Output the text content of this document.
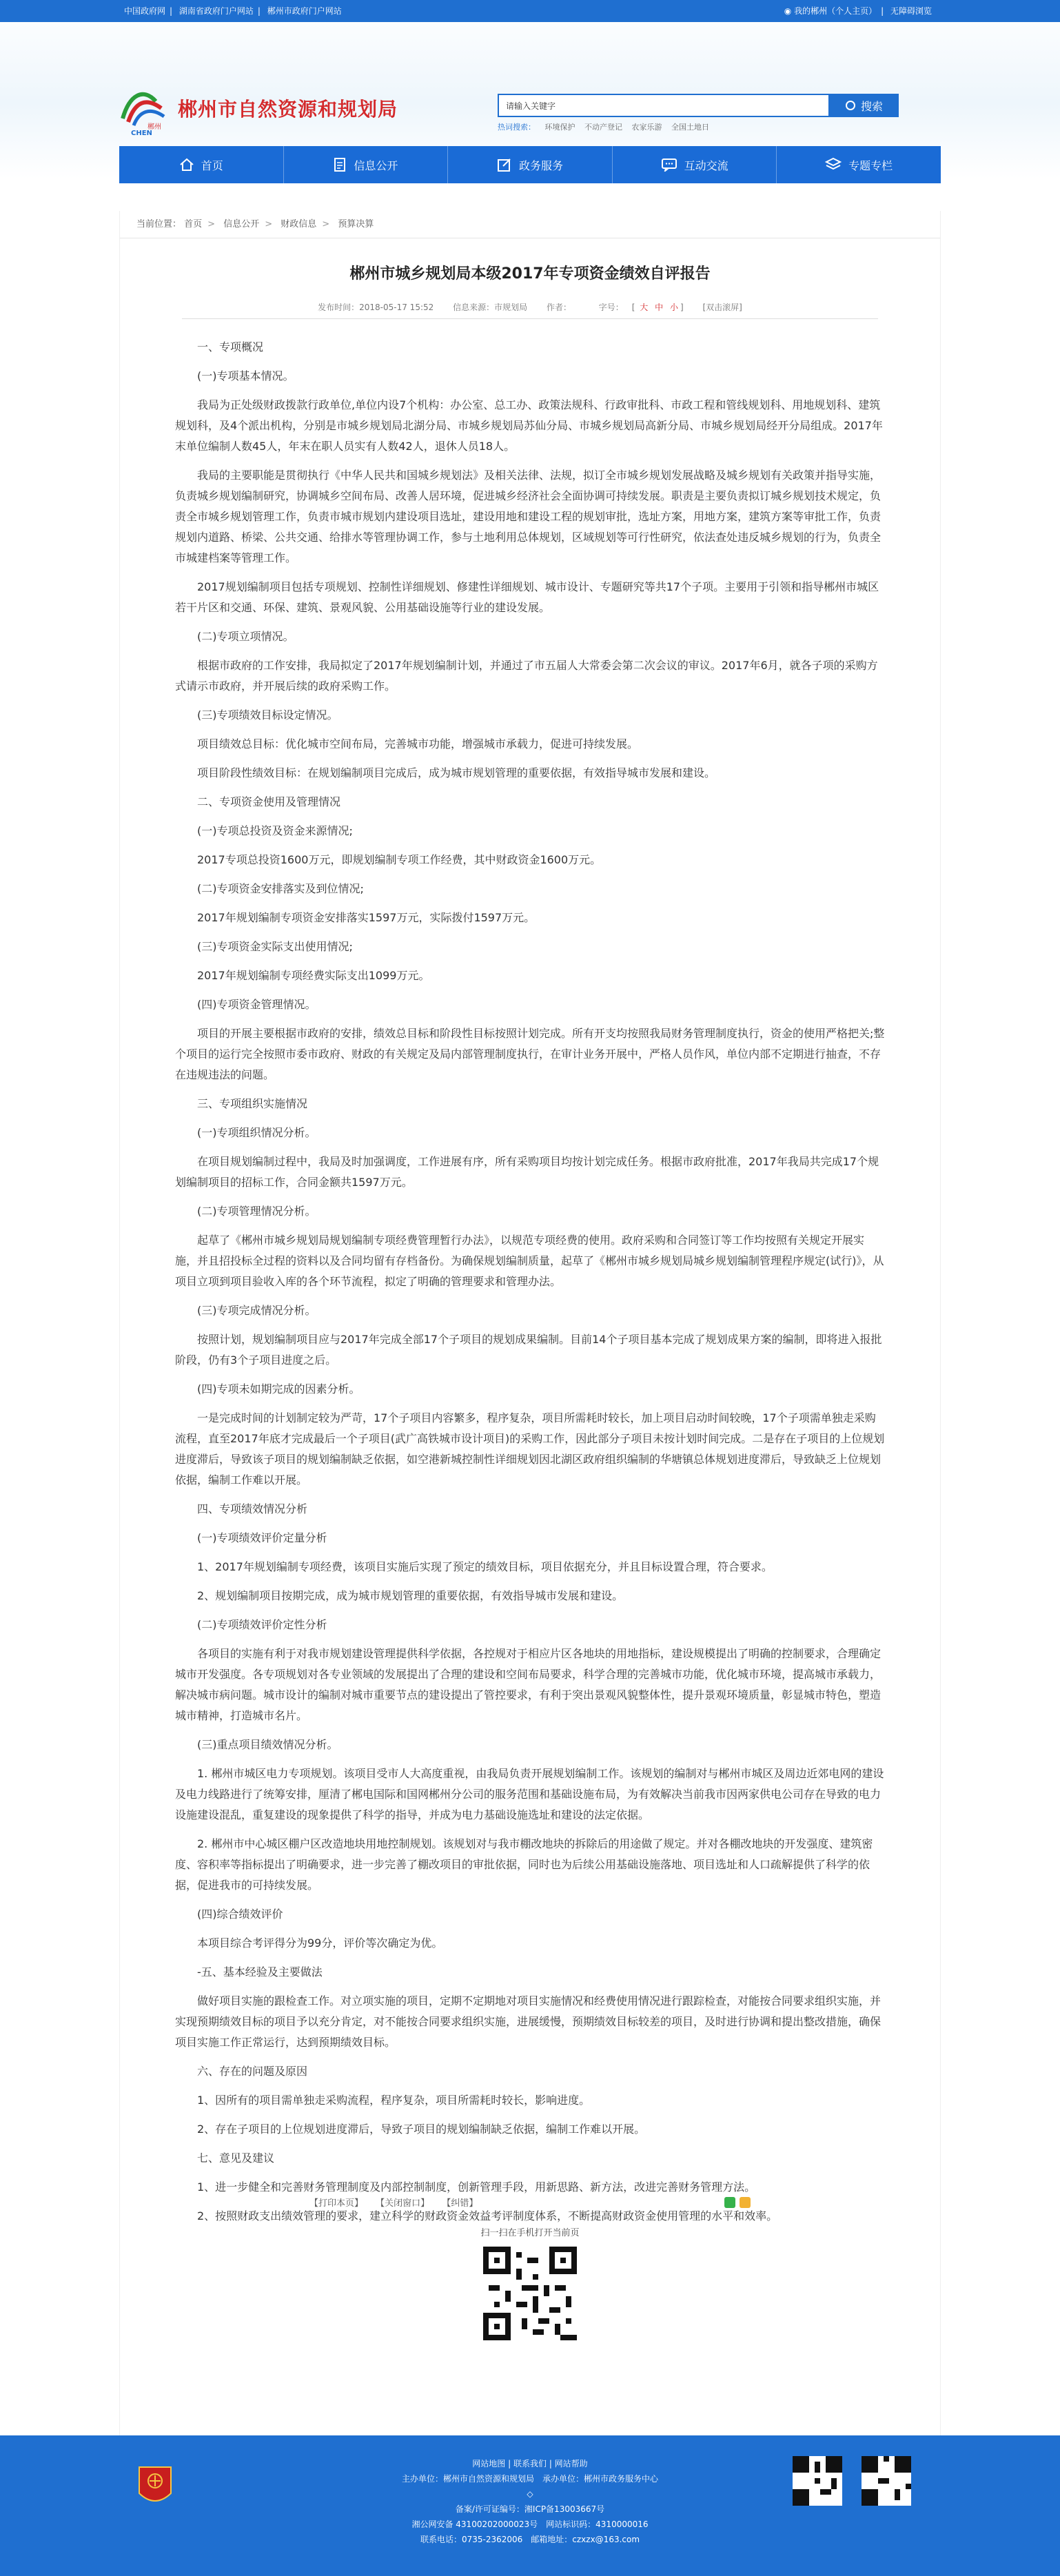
中国政府网 | 湖南省政府门户网站 | 郴州市政府门户网站	◉ 我的郴州（个人主页） | 无障碍浏览
郴州
CHEN
郴州市自然资源和规划局
请输入关键字	搜索
热词搜索： 环境保护 不动产登记 农家乐游 全国土地日
首页	信息公开	政务服务	互动交流	专题专栏
当前位置： 首页 > 信息公开 > 财政信息 > 预算决算
郴州市城乡规划局本级2017年专项资金绩效自评报告
发布时间：2018-05-17 15:52 信息来源：市规划局 作者：	字号： [ 大 中 小 ] [双击滚屏]

一、专项概况

(一)专项基本情况。

我局为正处级财政拨款行政单位,单位内设7个机构：办公室、总工办、政策法规科、行政审批科、市政工程和管线规划科、用地规划科、建筑规划科，及4个派出机构，分别是市城乡规划局北湖分局、市城乡规划局苏仙分局、市城乡规划局高新分局、市城乡规划局经开分局组成。2017年末单位编制人数45人，年末在职人员实有人数42人，退休人员18人。

我局的主要职能是贯彻执行《中华人民共和国城乡规划法》及相关法律、法规，拟订全市城乡规划发展战略及城乡规划有关政策并指导实施，负责城乡规划编制研究，协调城乡空间布局、改善人居环境，促进城乡经济社会全面协调可持续发展。职责是主要负责拟订城乡规划技术规定，负责全市城乡规划管理工作，负责市城市规划内建设项目选址，建设用地和建设工程的规划审批，选址方案，用地方案，建筑方案等审批工作，负责规划内道路、桥梁、公共交通、给排水等管理协调工作，参与土地利用总体规划，区域规划等可行性研究，依法查处违反城乡规划的行为，负责全市城建档案等管理工作。

2017规划编制项目包括专项规划、控制性详细规划、修建性详细规划、城市设计、专题研究等共17个子项。主要用于引领和指导郴州市城区若干片区和交通、环保、建筑、景观风貌、公用基础设施等行业的建设发展。

(二)专项立项情况。

根据市政府的工作安排，我局拟定了2017年规划编制计划，并通过了市五届人大常委会第二次会议的审议。2017年6月，就各子项的采购方式请示市政府，并开展后续的政府采购工作。

(三)专项绩效目标设定情况。

项目绩效总目标：优化城市空间布局，完善城市功能，增强城市承载力，促进可持续发展。

项目阶段性绩效目标：在规划编制项目完成后，成为城市规划管理的重要依据，有效指导城市发展和建设。

二、专项资金使用及管理情况

(一)专项总投资及资金来源情况;

2017专项总投资1600万元，即规划编制专项工作经费，其中财政资金1600万元。

(二)专项资金安排落实及到位情况;

2017年规划编制专项资金安排落实1597万元，实际拨付1597万元。

(三)专项资金实际支出使用情况;

2017年规划编制专项经费实际支出1099万元。

(四)专项资金管理情况。

项目的开展主要根据市政府的安排，绩效总目标和阶段性目标按照计划完成。所有开支均按照我局财务管理制度执行，资金的使用严格把关;整个项目的运行完全按照市委市政府、财政的有关规定及局内部管理制度执行，在审计业务开展中，严格人员作风，单位内部不定期进行抽查，不存在违规违法的问题。

三、专项组织实施情况

(一)专项组织情况分析。

在项目规划编制过程中，我局及时加强调度，工作进展有序，所有采购项目均按计划完成任务。根据市政府批准，2017年我局共完成17个规划编制项目的招标工作，合同金额共1597万元。

(二)专项管理情况分析。

起草了《郴州市城乡规划局规划编制专项经费管理暂行办法》，以规范专项经费的使用。政府采购和合同签订等工作均按照有关规定开展实施，并且招投标全过程的资料以及合同均留有存档备份。为确保规划编制质量，起草了《郴州市城乡规划局城乡规划编制管理程序规定(试行)》，从项目立项到项目验收入库的各个环节流程，拟定了明确的管理要求和管理办法。

(三)专项完成情况分析。

按照计划，规划编制项目应与2017年完成全部17个子项目的规划成果编制。目前14个子项目基本完成了规划成果方案的编制，即将进入报批阶段，仍有3个子项目进度之后。

(四)专项未如期完成的因素分析。

一是完成时间的计划制定较为严苛，17个子项目内容繁多，程序复杂，项目所需耗时较长，加上项目启动时间较晚，17个子项需单独走采购流程，直至2017年底才完成最后一个子项目(武广高铁城市设计项目)的采购工作，因此部分子项目未按计划时间完成。二是存在子项目的上位规划进度滞后，导致该子项目的规划编制缺乏依据，如空港新城控制性详细规划因北湖区政府组织编制的华塘镇总体规划进度滞后，导致缺乏上位规划依据，编制工作难以开展。

四、专项绩效情况分析

(一)专项绩效评价定量分析

1、2017年规划编制专项经费，该项目实施后实现了预定的绩效目标，项目依据充分，并且目标设置合理，符合要求。

2、规划编制项目按期完成，成为城市规划管理的重要依据，有效指导城市发展和建设。

(二)专项绩效评价定性分析

各项目的实施有利于对我市规划建设管理提供科学依据，各控规对于相应片区各地块的用地指标，建设规模提出了明确的控制要求，合理确定城市开发强度。各专项规划对各专业领域的发展提出了合理的建设和空间布局要求，科学合理的完善城市功能，优化城市环境，提高城市承载力，解决城市病问题。城市设计的编制对城市重要节点的建设提出了管控要求，有利于突出景观风貌整体性，提升景观环境质量，彰显城市特色，塑造城市精神，打造城市名片。

(三)重点项目绩效情况分析。

1. 郴州市城区电力专项规划。该项目受市人大高度重视，由我局负责开展规划编制工作。该规划的编制对与郴州市城区及周边近郊电网的建设及电力线路进行了统筹安排，厘清了郴电国际和国网郴州分公司的服务范围和基础设施布局，为有效解决当前我市因两家供电公司存在导致的电力设施建设混乱，重复建设的现象提供了科学的指导，并成为电力基础设施选址和建设的法定依据。

2. 郴州市中心城区棚户区改造地块用地控制规划。该规划对与我市棚改地块的拆除后的用途做了规定。并对各棚改地块的开发强度、建筑密度、容积率等指标提出了明确要求，进一步完善了棚改项目的审批依据，同时也为后续公用基础设施落地、项目选址和人口疏解提供了科学的依据，促进我市的可持续发展。

(四)综合绩效评价

本项目综合考评得分为99分，评价等次确定为优。

-五、基本经验及主要做法

做好项目实施的跟检查工作。对立项实施的项目，定期不定期地对项目实施情况和经费使用情况进行跟踪检查，对能按合同要求组织实施，并实现预期绩效目标的项目予以充分肯定，对不能按合同要求组织实施，进展缓慢，预期绩效目标较差的项目，及时进行协调和提出整改措施，确保项目实施工作正常运行，达到预期绩效目标。

六、存在的问题及原因

1、因所有的项目需单独走采购流程，程序复杂，项目所需耗时较长，影响进度。

2、存在子项目的上位规划进度滞后，导致子项目的规划编制缺乏依据，编制工作难以开展。

七、意见及建议

1、进一步健全和完善财务管理制度及内部控制制度，创新管理手段，用新思路、新方法，改进完善财务管理方法。

2、按照财政支出绩效管理的要求，建立科学的财政资金效益考评制度体系，不断提高财政资金使用管理的水平和效率。

【打印本页】 【关闭窗口】 【纠错】
扫一扫在手机打开当前页
网站地图 | 联系我们 | 网站帮助
主办单位：郴州市自然资源和规划局　承办单位：郴州市政务服务中心
◇
备案/许可证编号：湘ICP备13003667号
湘公网安备 43100202000023号　网站标识码：4310000016
联系电话：0735-2362006　邮箱地址：czxzx@163.com
